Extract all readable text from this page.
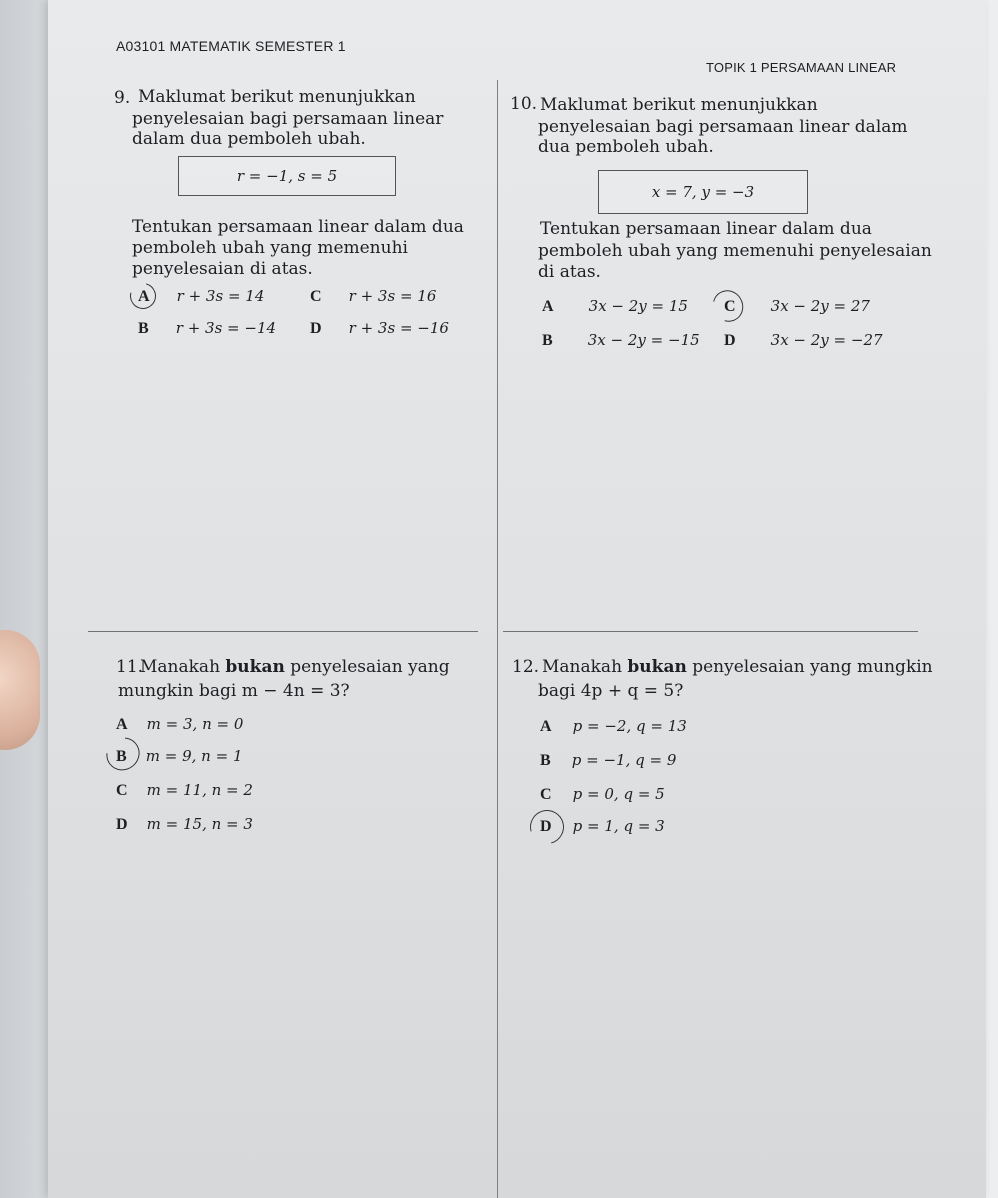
A03101 MATEMATIK SEMESTER 1
TOPIK 1 PERSAMAAN LINEAR
9. Maklumat berikut menunjukkan
penyelesaian bagi persamaan linear
dalam dua pemboleh ubah.
r = −1, s = 5
Tentukan persamaan linear dalam dua
pemboleh ubah yang memenuhi
penyelesaian di atas.
A r + 3s = 14	C r + 3s = 16
B r + 3s = −14 D r + 3s = −16
10. Maklumat berikut menunjukkan
penyelesaian bagi persamaan linear dalam
dua pemboleh ubah.
x = 7, y = −3
Tentukan persamaan linear dalam dua
pemboleh ubah yang memenuhi penyelesaian
di atas.
A 3x − 2y = 15 C 3x − 2y = 27
B 3x − 2y = −15 D 3x − 2y = −27
11.
Manakah bukan penyelesaian yang
mungkin bagi m − 4n = 3?
A m = 3, n = 0
B m = 9, n = 1
C m = 11, n = 2
D m = 15, n = 3
12. Manakah bukan penyelesaian yang mungkin
bagi 4p + q = 5?
A p = −2, q = 13
B p = −1, q = 9
C p = 0, q = 5
D p = 1, q = 3
